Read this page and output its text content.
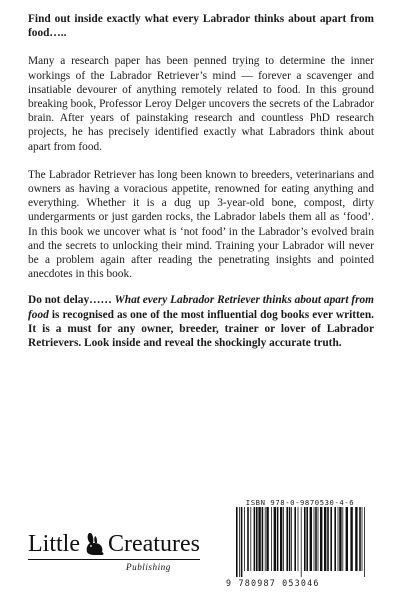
Find out inside exactly what every Labrador thinks about apart from food…..

Many a research paper has been penned trying to determine the inner workings of the Labrador Retriever’s mind — forever a scavenger and insatiable devourer of anything remotely related to food. In this ground breaking book, Professor Leroy Delger uncovers the secrets of the Labrador brain. After years of painstaking research and countless PhD research projects, he has precisely identified exactly what Labradors think about apart from food.

The Labrador Retriever has long been known to breeders, veterinarians and owners as having a voracious appetite, renowned for eating anything and everything. Whether it is a dug up 3-year-old bone, compost, dirty undergarments or just garden rocks, the Labrador labels them all as ‘food’. In this book we uncover what is ‘not food’ in the Labrador’s evolved brain and the secrets to unlocking their mind. Training your Labrador will never be a problem again after reading the penetrating insights and pointed anecdotes in this book.

Do not delay…… What every Labrador Retriever thinks about apart from food is recognised as one of the most influential dog books ever written. It is a must for any owner, breeder, trainer or lover of Labrador Retrievers. Look inside and reveal the shockingly accurate truth.

Little Creatures
Publishing
ISBN 978-0-9870530-4-6
9 780987 053046
